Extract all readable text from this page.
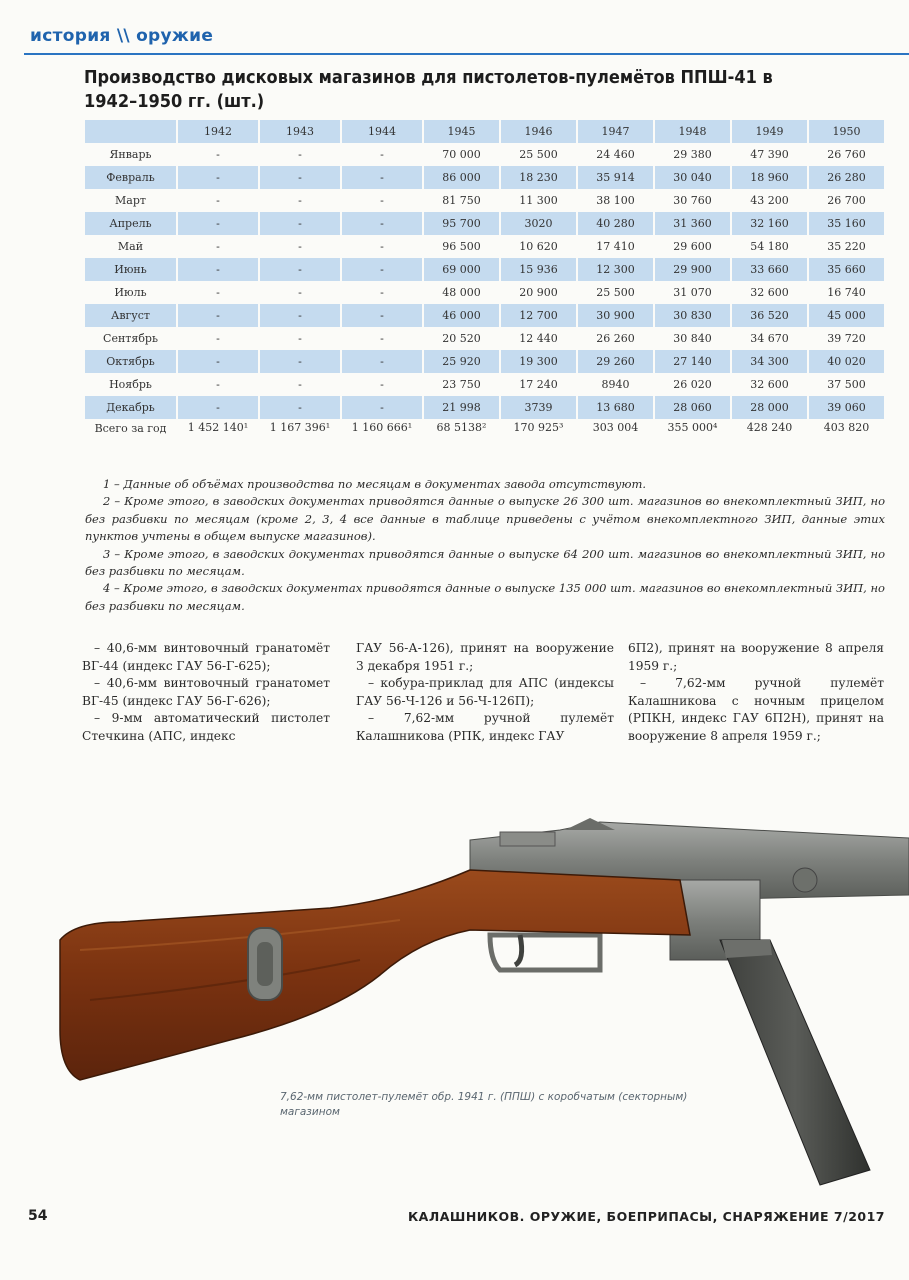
история \\ оружие
Производство дисковых магазинов для пистолетов-пулемётов ППШ-41 в 1942–1950 гг. (шт.)
	1942	1943	1944	1945	1946	1947	1948	1949	1950
Январь	-	-	-	70 000	25 500	24 460	29 380	47 390	26 760
Февраль	-	-	-	86 000	18 230	35 914	30 040	18 960	26 280
Март	-	-	-	81 750	11 300	38 100	30 760	43 200	26 700
Апрель	-	-	-	95 700	3020	40 280	31 360	32 160	35 160
Май	-	-	-	96 500	10 620	17 410	29 600	54 180	35 220
Июнь	-	-	-	69 000	15 936	12 300	29 900	33 660	35 660
Июль	-	-	-	48 000	20 900	25 500	31 070	32 600	16 740
Август	-	-	-	46 000	12 700	30 900	30 830	36 520	45 000
Сентябрь	-	-	-	20 520	12 440	26 260	30 840	34 670	39 720
Октябрь	-	-	-	25 920	19 300	29 260	27 140	34 300	40 020
Ноябрь	-	-	-	23 750	17 240	8940	26 020	32 600	37 500
Декабрь	-	-	-	21 998	3739	13 680	28 060	28 000	39 060
Всего за год	1 452 140¹	1 167 396¹	1 160 666¹	68 5138²	170 925³	303 004	355 000⁴	428 240	403 820

1 – Данные об объёмах производства по месяцам в документах завода отсутствуют.

2 – Кроме этого, в заводских документах приводятся данные о выпуске 26 300 шт. магазинов во внекомплектный ЗИП, но без разбивки по месяцам (кроме 2, 3, 4 все данные в таблице приведены с учётом внекомплектного ЗИП, данные этих пунктов учтены в общем выпуске магазинов).

3 – Кроме этого, в заводских документах приводятся данные о выпуске 64 200 шт. магазинов во внекомплектный ЗИП, но без разбивки по месяцам.

4 – Кроме этого, в заводских документах приводятся данные о выпуске 135 000 шт. магазинов во внекомплектный ЗИП, но без разбивки по месяцам.

– 40,6-мм винтовочный гранатомёт ВГ-44 (индекс ГАУ 56-Г-625);

– 40,6-мм винтовочный гранатомет ВГ-45 (индекс ГАУ 56-Г-626);

– 9-мм автоматический пистолет Стечкина (АПС, индекс

ГАУ 56-А-126), принят на вооружение 3 декабря 1951 г.;

– кобура-приклад для АПС (индексы ГАУ 56-Ч-126 и 56-Ч-126П);

– 7,62-мм ручной пулемёт Калашникова (РПК, индекс ГАУ

6П2), принят на вооружение 8 апреля 1959 г.;

– 7,62-мм ручной пулемёт Калашникова с ночным прицелом (РПКН, индекс ГАУ 6П2Н), принят на вооружение 8 апреля 1959 г.;

7,62-мм пистолет-пулемёт обр. 1941 г. (ППШ) с коробчатым (секторным) магазином
54	КАЛАШНИКОВ. ОРУЖИЕ, БОЕПРИПАСЫ, СНАРЯЖЕНИЕ 7/2017
